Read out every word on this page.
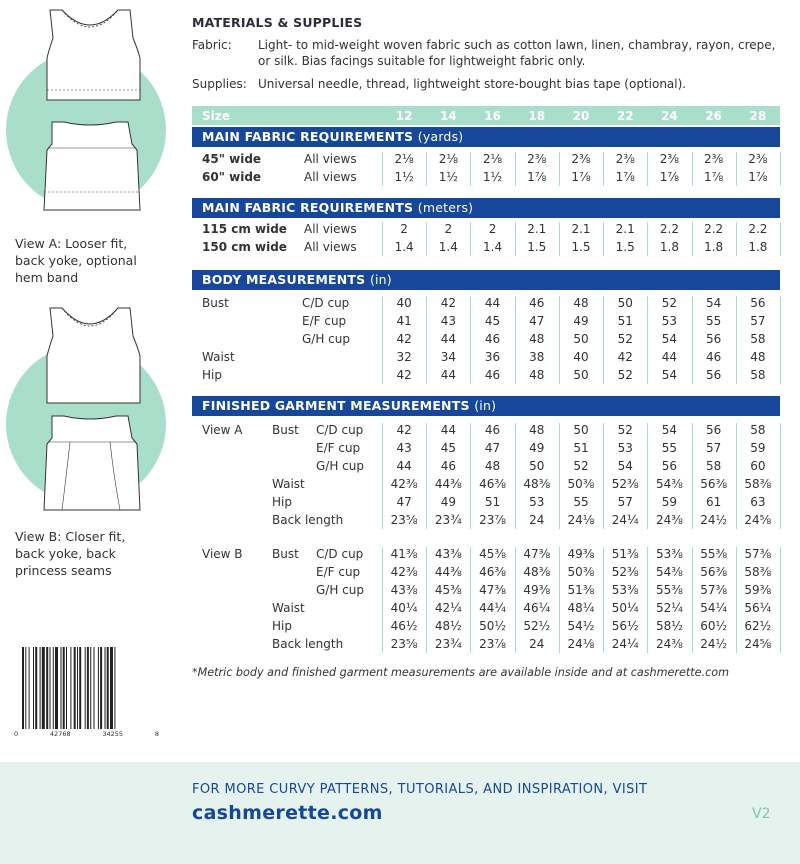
View A: Looser fit,
back yoke, optional
hem band
View B: Closer fit,
back yoke, back
princess seams
0	42768	34255	8
MATERIALS & SUPPLIES
Fabric:	Light- to mid-weight woven fabric such as cotton lawn, linen, chambray, rayon, crepe, or silk. Bias facings suitable for lightweight fabric only.
Supplies: Universal needle, thread, lightweight store-bought bias tape (optional).
Size	12	14	16	18	20	22	24	26	28
MAIN FABRIC REQUIREMENTS (yards)
45" wide	All views	2⅛	2⅛	2⅛	2⅜	2⅜	2⅜	2⅜	2⅜	2⅜
60" wide	All views	1½	1½	1½	1⅞	1⅞	1⅞	1⅞	1⅞	1⅞
MAIN FABRIC REQUIREMENTS (meters)
115 cm wide All views	2	2	2	2.1	2.1	2.1	2.2	2.2	2.2
150 cm wide All views	1.4	1.4	1.4	1.5	1.5	1.5	1.8	1.8	1.8
BODY MEASUREMENTS (in)
Bust	C/D cup	40	42	44	46	48	50	52	54	56
E/F cup	41	43	45	47	49	51	53	55	57
G/H cup	42	44	46	48	50	52	54	56	58
Waist	32	34	36	38	40	42	44	46	48
Hip	42	44	46	48	50	52	54	56	58
FINISHED GARMENT MEASUREMENTS (in)
View A Bust C/D cup	42	44	46	48	50	52	54	56	58
E/F cup	43	45	47	49	51	53	55	57	59
G/H cup	44	46	48	50	52	54	56	58	60
Waist	42⅜	44⅜	46⅜	48⅜	50⅜	52⅜	54⅜	56⅜	58⅜
Hip	47	49	51	53	55	57	59	61	63
Back length	23⅝	23¾	23⅞	24	24⅛	24¼	24⅜	24½	24⅝
View B Bust C/D cup	41⅜	43⅜	45⅜	47⅜	49⅜	51⅜	53⅜	55⅜	57⅜
E/F cup	42⅜	44⅜	46⅜	48⅜	50⅜	52⅜	54⅜	56⅜	58⅜
G/H cup	43⅜	45⅜	47⅜	49⅜	51⅜	53⅜	55⅜	57⅜	59⅜
Waist	40¼	42¼	44¼	46¼	48¼	50¼	52¼	54¼	56¼
Hip	46½	48½	50½	52½	54½	56½	58½	60½	62½
Back length	23⅝	23¾	23⅞	24	24⅛	24¼	24⅜	24½	24⅝
*Metric body and finished garment measurements are available inside and at cashmerette.com
FOR MORE CURVY PATTERNS, TUTORIALS, AND INSPIRATION, VISIT
cashmerette.com	V2
